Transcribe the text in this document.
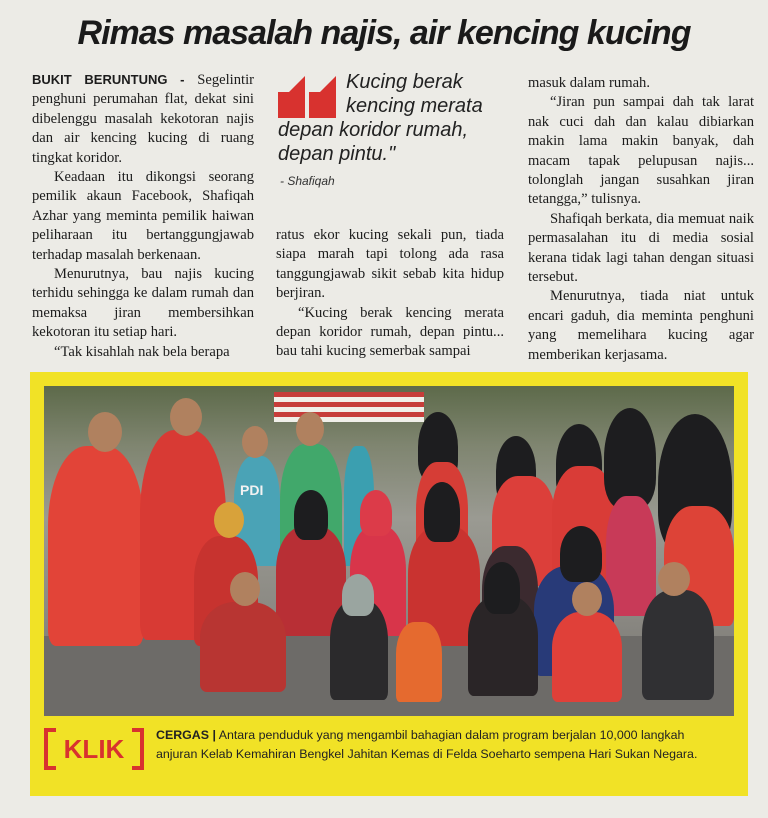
Rimas masalah najis, air kencing kucing

BUKIT BERUNTUNG - Segelintir penghuni perumahan flat, dekat sini dibelenggu masalah kekotoran najis dan air kencing kucing di ruang tingkat koridor.

Keadaan itu dikongsi seorang pemilik akaun Facebook, Shafiqah Azhar yang meminta pemilik haiwan peliharaan itu bertanggungjawab terhadap masalah berkenaan.

Menurutnya, bau najis kucing terhidu sehingga ke dalam rumah dan memaksa jiran membersihkan kekotoran itu setiap hari.

“Tak kisahlah nak bela berapa

Kucing berak kencing merata
depan koridor rumah, depan pintu."
- Shafiqah

ratus ekor kucing sekali pun, tiada siapa marah tapi tolong ada rasa tanggungjawab sikit sebab kita hidup berjiran.

“Kucing berak kencing merata depan koridor rumah, depan pintu... bau tahi kucing semerbak sampai

masuk dalam rumah.

“Jiran pun sampai dah tak larat nak cuci dah dan kalau dibiarkan makin lama makin banyak, dah macam tapak pelupusan najis... tolonglah jangan susahkan jiran tetangga,” tulisnya.

Shafiqah berkata, dia memuat naik permasalahan itu di media sosial kerana tidak lagi tahan dengan situasi tersebut.

Menurutnya, tiada niat untuk encari gaduh, dia meminta penghuni yang memelihara kucing agar memberikan kerjasama.

PDI
KLIK	CERGAS | Antara penduduk yang mengambil bahagian dalam program berjalan 10,000 langkah anjuran Kelab Kemahiran Bengkel Jahitan Kemas di Felda Soeharto sempena Hari Sukan Negara.
